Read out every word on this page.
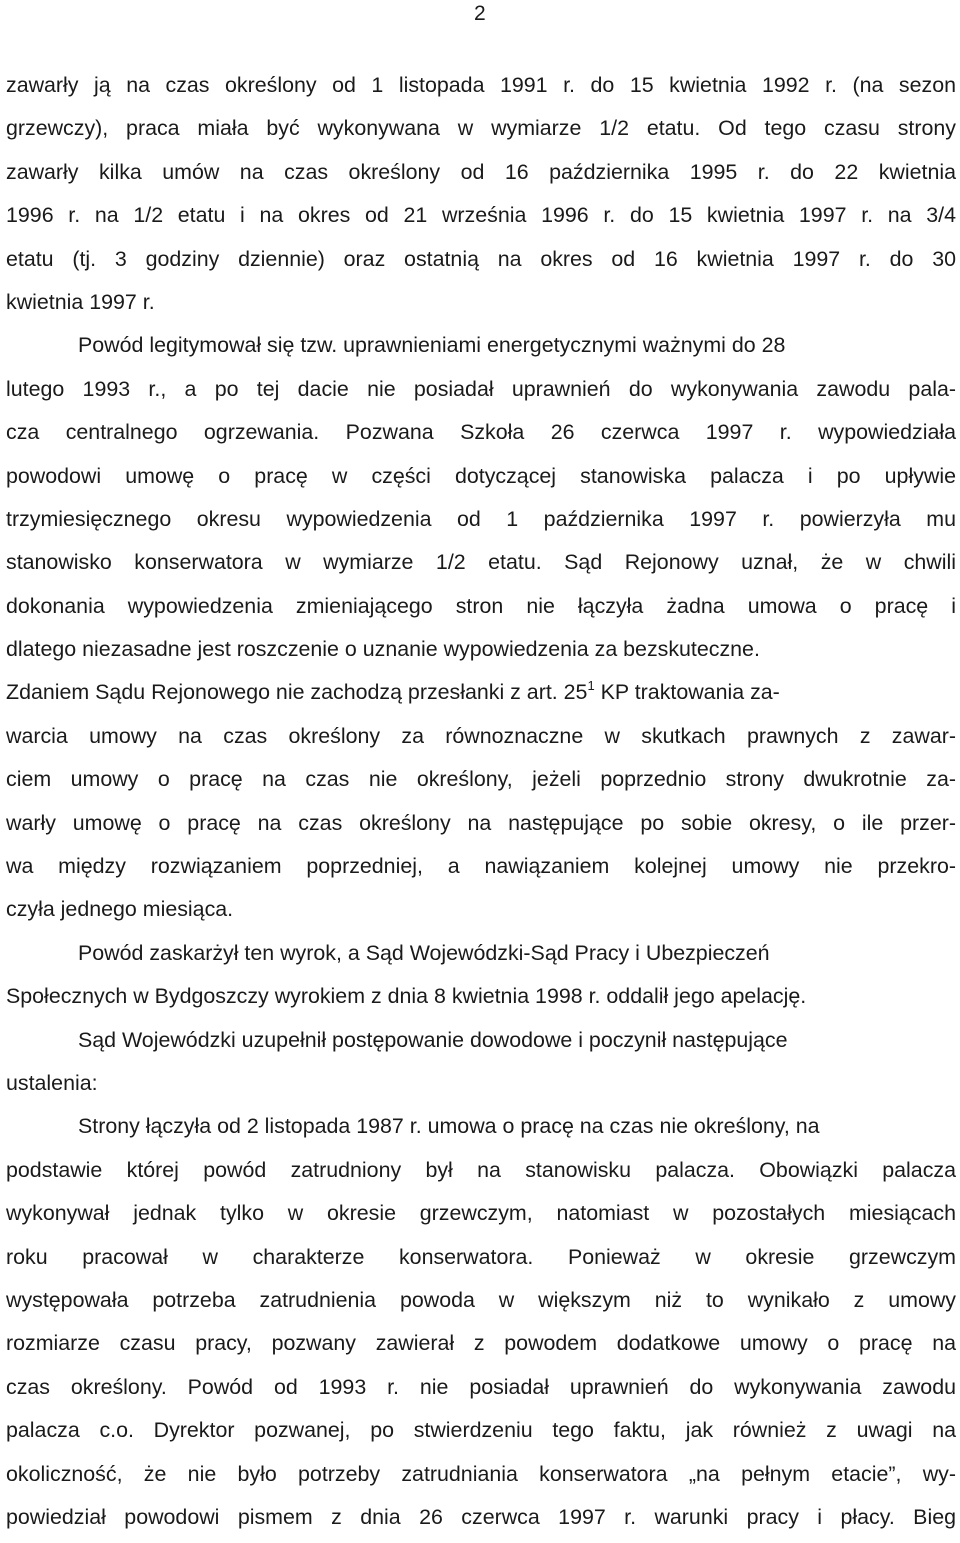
2
zawarły ją na czas określony od 1 listopada 1991 r. do 15 kwietnia 1992 r. (na sezon
grzewczy), praca miała być wykonywana w wymiarze 1/2 etatu. Od tego czasu strony
zawarły kilka umów na czas określony od 16 października 1995 r. do 22 kwietnia
1996 r. na 1/2 etatu i na okres od 21 września 1996 r. do 15 kwietnia 1997 r. na 3/4
etatu (tj. 3 godziny dziennie) oraz ostatnią na okres od 16 kwietnia 1997 r. do 30
kwietnia 1997 r.
Powód legitymował się tzw. uprawnieniami energetycznymi ważnymi do 28
lutego 1993 r., a po tej dacie nie posiadał uprawnień do wykonywania zawodu pala-
cza centralnego ogrzewania. Pozwana Szkoła 26 czerwca 1997 r. wypowiedziała
powodowi umowę o pracę w części dotyczącej stanowiska palacza i po upływie
trzymiesięcznego okresu wypowiedzenia od 1 października 1997 r. powierzyła mu
stanowisko konserwatora w wymiarze 1/2 etatu. Sąd Rejonowy uznał, że w chwili
dokonania wypowiedzenia zmieniającego stron nie łączyła żadna umowa o pracę i
dlatego niezasadne jest roszczenie o uznanie wypowiedzenia za bezskuteczne.
Zdaniem Sądu Rejonowego nie zachodzą przesłanki z art. $25^1$ KP traktowania za-
warcia umowy na czas określony za równoznaczne w skutkach prawnych z zawar-
ciem umowy o pracę na czas nie określony, jeżeli poprzednio strony dwukrotnie za-
warły umowę o pracę na czas określony na następujące po sobie okresy, o ile przer-
wa między rozwiązaniem poprzedniej, a nawiązaniem kolejnej umowy nie przekro-
czyła jednego miesiąca.
Powód zaskarżył ten wyrok, a Sąd Wojewódzki-Sąd Pracy i Ubezpieczeń
Społecznych w Bydgoszczy wyrokiem z dnia 8 kwietnia 1998 r. oddalił jego apelację.
Sąd Wojewódzki uzupełnił postępowanie dowodowe i poczynił następujące
ustalenia:
Strony łączyła od 2 listopada 1987 r. umowa o pracę na czas nie określony, na
podstawie której powód zatrudniony był na stanowisku palacza. Obowiązki palacza
wykonywał jednak tylko w okresie grzewczym, natomiast w pozostałych miesiącach
roku pracował w charakterze konserwatora. Ponieważ w okresie grzewczym
występowała potrzeba zatrudnienia powoda w większym niż to wynikało z umowy
rozmiarze czasu pracy, pozwany zawierał z powodem dodatkowe umowy o pracę na
czas określony. Powód od 1993 r. nie posiadał uprawnień do wykonywania zawodu
palacza c.o. Dyrektor pozwanej, po stwierdzeniu tego faktu, jak również z uwagi na
okoliczność, że nie było potrzeby zatrudniania konserwatora „na pełnym etacie”, wy-
powiedział powodowi pismem z dnia 26 czerwca 1997 r. warunki pracy i płacy. Bieg
